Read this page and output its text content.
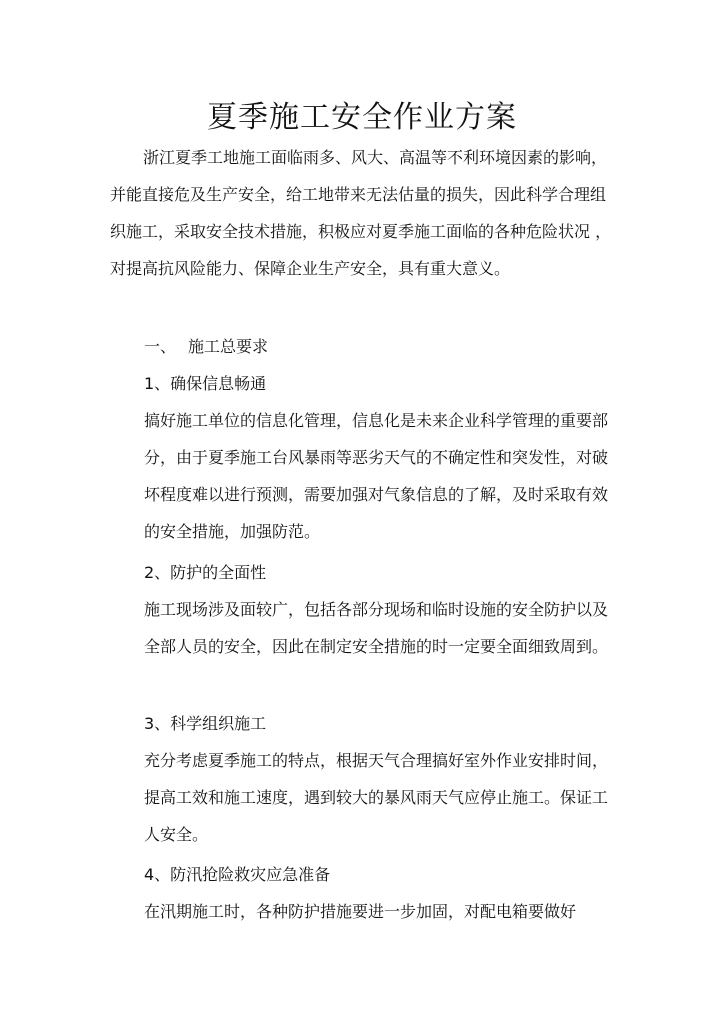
夏季施工安全作业方案

浙江夏季工地施工面临雨多、风大、高温等不利环境因素的影响，并能直接危及生产安全，给工地带来无法估量的损失，因此科学合理组织施工，采取安全技术措施，积极应对夏季施工面临的各种危险状况 ，对提高抗风险能力、保障企业生产安全，具有重大意义。

一、 施工总要求

1、确保信息畅通

搞好施工单位的信息化管理，信息化是未来企业科学管理的重要部分，由于夏季施工台风暴雨等恶劣天气的不确定性和突发性，对破坏程度难以进行预测，需要加强对气象信息的了解，及时采取有效的安全措施，加强防范。

2、防护的全面性

施工现场涉及面较广，包括各部分现场和临时设施的安全防护以及全部人员的安全，因此在制定安全措施的时一定要全面细致周到。

3、科学组织施工

充分考虑夏季施工的特点，根据天气合理搞好室外作业安排时间，提高工效和施工速度，遇到较大的暴风雨天气应停止施工。保证工人安全。

4、防汛抢险救灾应急准备

在汛期施工时，各种防护措施要进一步加固，对配电箱要做好
